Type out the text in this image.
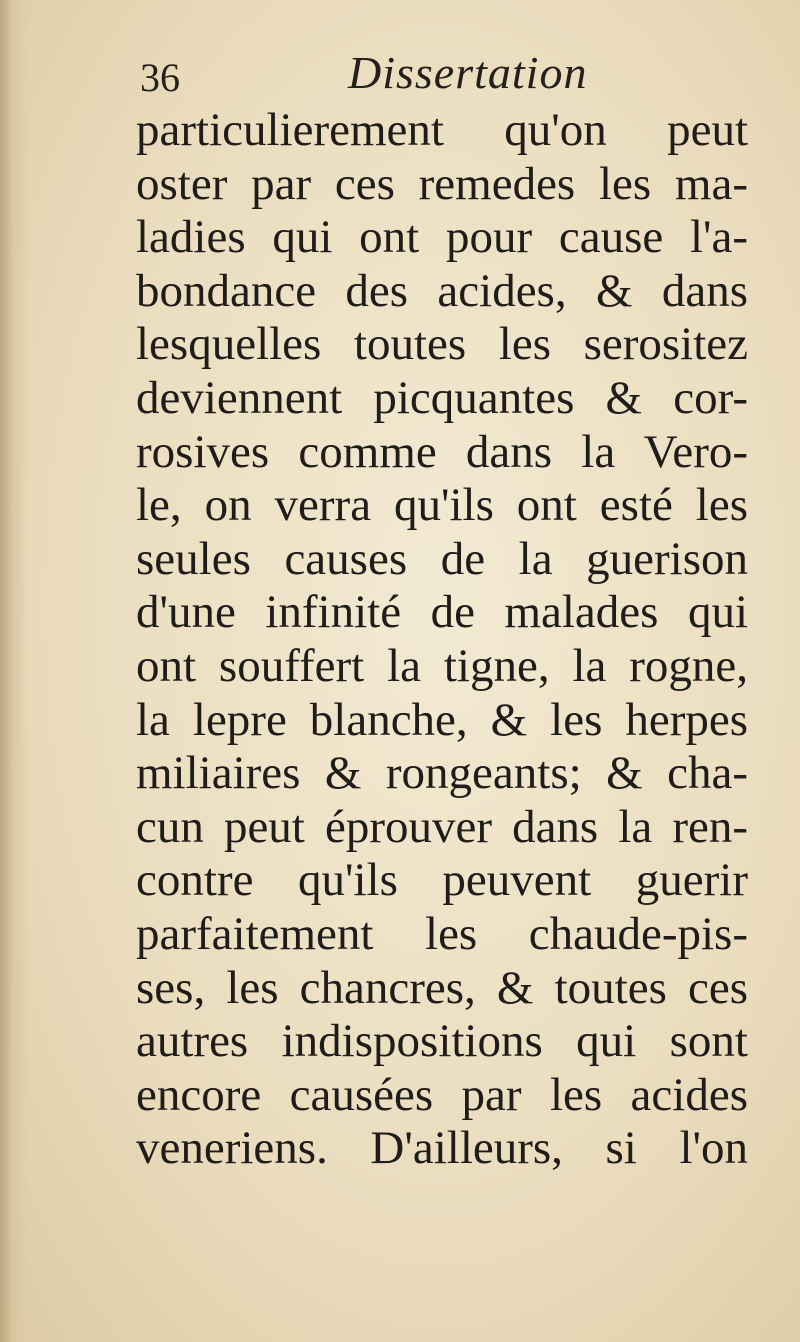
36	Dissertation
particulierement qu'on peut
oster par ces remedes les ma-
ladies qui ont pour cause l'a-
bondance des acides, & dans
lesquelles toutes les serositez
deviennent picquantes & cor-
rosives comme dans la Vero-
le, on verra qu'ils ont esté les
seules causes de la guerison
d'une infinité de malades qui
ont souffert la tigne, la rogne,
la lepre blanche, & les herpes
miliaires & rongeants; & cha-
cun peut éprouver dans la ren-
contre qu'ils peuvent guerir
parfaitement les chaude-pis-
ses, les chancres, & toutes ces
autres indispositions qui sont
encore causées par les acides
veneriens. D'ailleurs, si l'on
